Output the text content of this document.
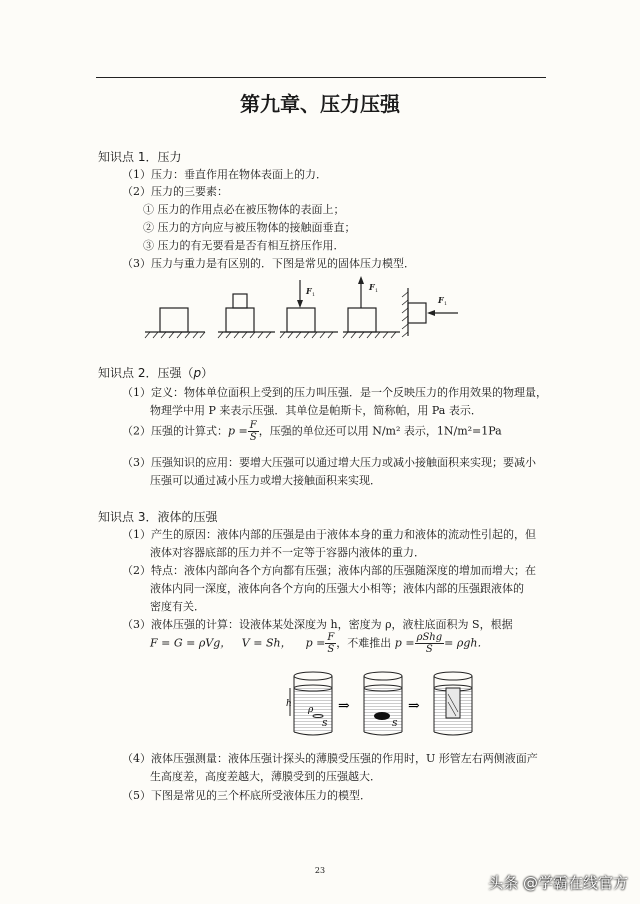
第九章、压力压强
知识点 1．压力
（1）压力：垂直作用在物体表面上的力．
（2）压力的三要素：
① 压力的作用点必在被压物体的表面上；
② 压力的方向应与被压物体的接触面垂直；
③ 压力的有无要看是否有相互挤压作用．
（3）压力与重力是有区别的．下图是常见的固体压力模型．
F	F
F
1
1
1
知识点 2．压强（p）
（1）定义：物体单位面积上受到的压力叫压强．是一个反映压力的作用效果的物理量，
物理学中用 P 来表示压强．其单位是帕斯卡，简称帕，用 Pa 表示．
（2）压强的计算式：$p = \frac{F}{S}$ ，压强的单位还可以用 N/m² 表示，1N/m²=1Pa
（3）压强知识的应用：要增大压强可以通过增大压力或减小接触面积来实现；要减小
压强可以通过减小压力或增大接触面积来实现．
知识点 3．液体的压强
（1）产生的原因：液体内部的压强是由于液体本身的重力和液体的流动性引起的，但
液体对容器底部的压力并不一定等于容器内液体的重力．
（2）特点：液体内部向各个方向都有压强；液体内部的压强随深度的增加而增大；在
液体内同一深度，液体向各个方向的压强大小相等；液体内部的压强跟液体的
密度有关．
（3）液体压强的计算：设液体某处深度为 h，密度为 ρ，液柱底面积为 S，根据
F = G = ρVg， V = Sh， $p = \frac{F}{S}$ ，不难推出 $p = \frac{\text{ρShg}}{S} = \rho gh$．
h
ρ
S
⇒
S
⇒
（4）液体压强测量：液体压强计探头的薄膜受压强的作用时，U 形管左右两侧液面产
生高度差，高度差越大，薄膜受到的压强越大．
（5）下图是常见的三个杯底所受液体压力的模型．
23
头条 @学霸在线官方
